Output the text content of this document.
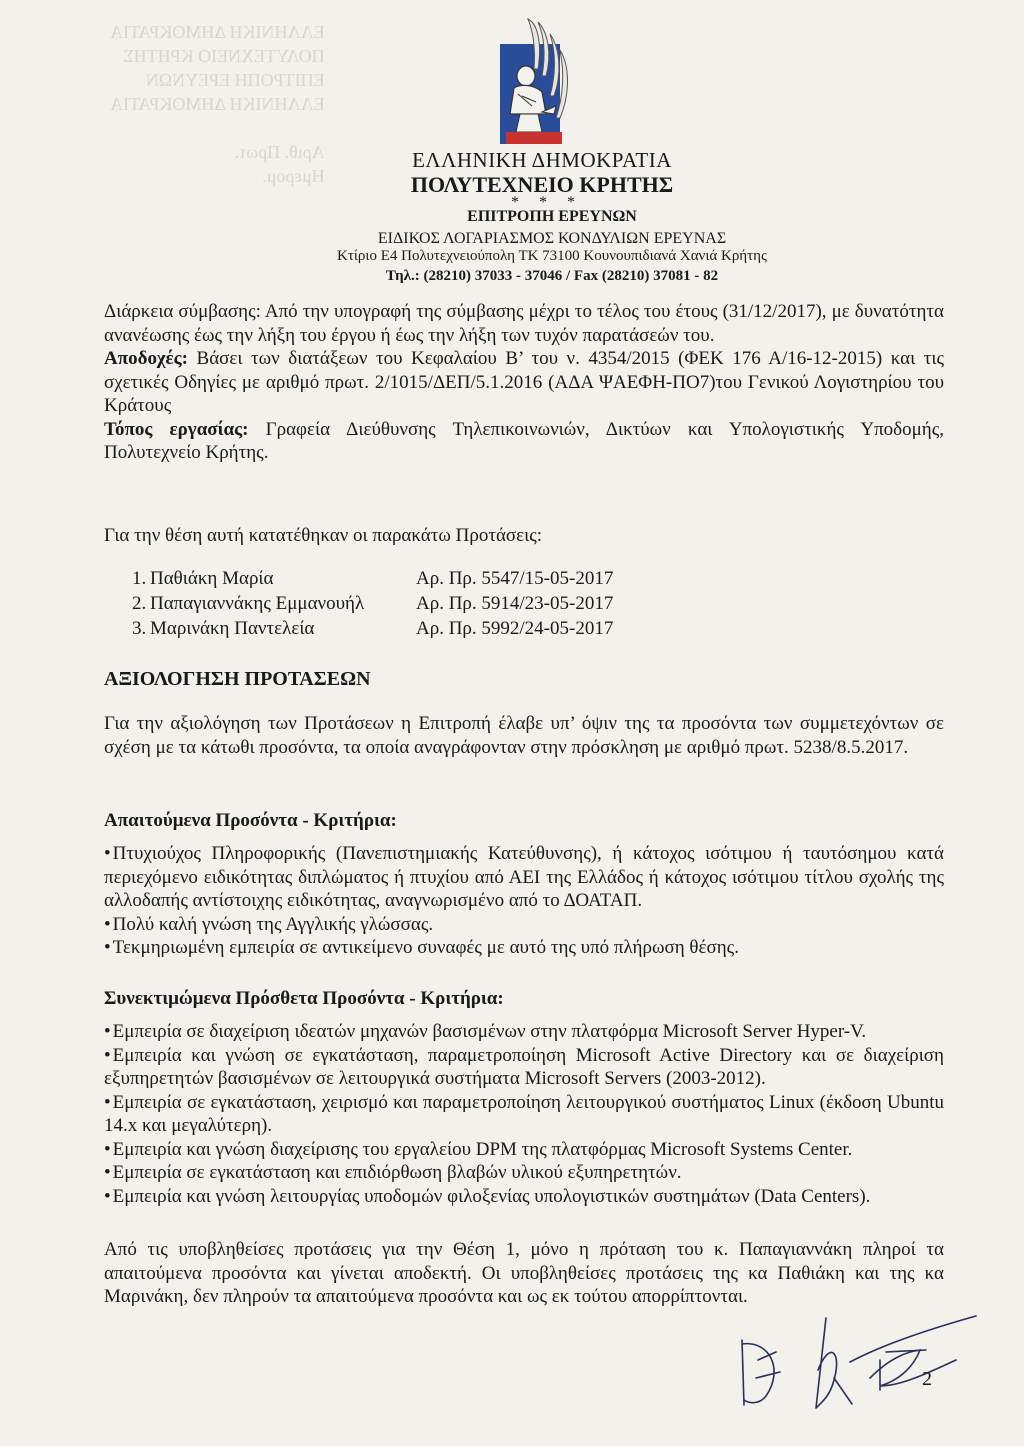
ΕΛΛΗΝΙΚΗ ΔΗΜΟΚΡΑΤΙΑ
ΠΟΛΥΤΕΧΝΕΙΟ ΚΡΗΤΗΣ
ΕΠΙΤΡΟΠΗ ΕΡΕΥΝΩΝ
ΕΛΛΗΝΙΚΗ ΔΗΜΟΚΡΑΤΙΑ
Αριθ. Πρωτ.
Ημερομ.
ΕΛΛΗΝΙΚΗ ΔΗΜΟΚΡΑΤΙΑ
ΠΟΛΥΤΕΧΝΕΙΟ ΚΡΗΤΗΣ
* * *
ΕΠΙΤΡΟΠΗ ΕΡΕΥΝΩΝ
ΕΙΔΙΚΟΣ ΛΟΓΑΡΙΑΣΜΟΣ ΚΟΝΔΥΛΙΩΝ ΕΡΕΥΝΑΣ
Κτίριο Ε4 Πολυτεχνειούπολη ΤΚ 73100 Κουνουπιδιανά Χανιά Κρήτης
Τηλ.: (28210) 37033 - 37046 / Fax (28210) 37081 - 82

Διάρκεια σύμβασης: Από την υπογραφή της σύμβασης μέχρι το τέλος του έτους (31/12/2017), με δυνατότητα ανανέωσης έως την λήξη του έργου ή έως την λήξη των τυχόν παρατάσεών του.

Αποδοχές: Βάσει των διατάξεων του Κεφαλαίου Β’ του ν. 4354/2015 (ΦΕΚ 176 Α/16-12-2015) και τις σχετικές Οδηγίες με αριθμό πρωτ. 2/1015/ΔΕΠ/5.1.2016 (ΑΔΑ ΨΑΕΦΗ-ΠΟ7)του Γενικού Λογιστηρίου του Κράτους

Τόπος εργασίας: Γραφεία Διεύθυνσης Τηλεπικοινωνιών, Δικτύων και Υπολογιστικής Υποδομής, Πολυτεχνείο Κρήτης.

Για την θέση αυτή κατατέθηκαν οι παρακάτω Προτάσεις:

1. Παθιάκη Μαρία	Αρ. Πρ. 5547/15-05-2017
2. Παπαγιαννάκης Εμμανουήλ	Αρ. Πρ. 5914/23-05-2017
3. Μαρινάκη Παντελεία	Αρ. Πρ. 5992/24-05-2017
ΑΞΙΟΛΟΓΗΣΗ ΠΡΟΤΑΣΕΩΝ

Για την αξιολόγηση των Προτάσεων η Επιτροπή έλαβε υπ’ όψιν της τα προσόντα των συμμετεχόντων σε σχέση με τα κάτωθι προσόντα, τα οποία αναγράφονταν στην πρόσκληση με αριθμό πρωτ. 5238/8.5.2017.

Απαιτούμενα Προσόντα - Κριτήρια:

• Πτυχιούχος Πληροφορικής (Πανεπιστημιακής Κατεύθυνσης), ή κάτοχος ισότιμου ή ταυτόσημου κατά περιεχόμενο ειδικότητας διπλώματος ή πτυχίου από ΑΕΙ της Ελλάδος ή κάτοχος ισότιμου τίτλου σχολής της αλλοδαπής αντίστοιχης ειδικότητας, αναγνωρισμένο από το ΔΟΑΤΑΠ.

• Πολύ καλή γνώση της Αγγλικής γλώσσας.

• Τεκμηριωμένη εμπειρία σε αντικείμενο συναφές με αυτό της υπό πλήρωση θέσης.

Συνεκτιμώμενα Πρόσθετα Προσόντα - Κριτήρια:

• Εμπειρία σε διαχείριση ιδεατών μηχανών βασισμένων στην πλατφόρμα Microsoft Server Hyper-V.

• Εμπειρία και γνώση σε εγκατάσταση, παραμετροποίηση Microsoft Active Directory και σε διαχείριση εξυπηρετητών βασισμένων σε λειτουργικά συστήματα Microsoft Servers (2003-2012).

• Εμπειρία σε εγκατάσταση, χειρισμό και παραμετροποίηση λειτουργικού συστήματος Linux (έκδοση Ubuntu 14.x και μεγαλύτερη).

• Εμπειρία και γνώση διαχείρισης του εργαλείου DPM της πλατφόρμας Microsoft Systems Center.

• Εμπειρία σε εγκατάσταση και επιδιόρθωση βλαβών υλικού εξυπηρετητών.

• Εμπειρία και γνώση λειτουργίας υποδομών φιλοξενίας υπολογιστικών συστημάτων (Data Centers).

Από τις υποβληθείσες προτάσεις για την Θέση 1, μόνο η πρόταση του κ. Παπαγιαννάκη πληροί τα απαιτούμενα προσόντα και γίνεται αποδεκτή. Οι υποβληθείσες προτάσεις της κα Παθιάκη και της κα Μαρινάκη, δεν πληρούν τα απαιτούμενα προσόντα και ως εκ τούτου απορρίπτονται.

2
